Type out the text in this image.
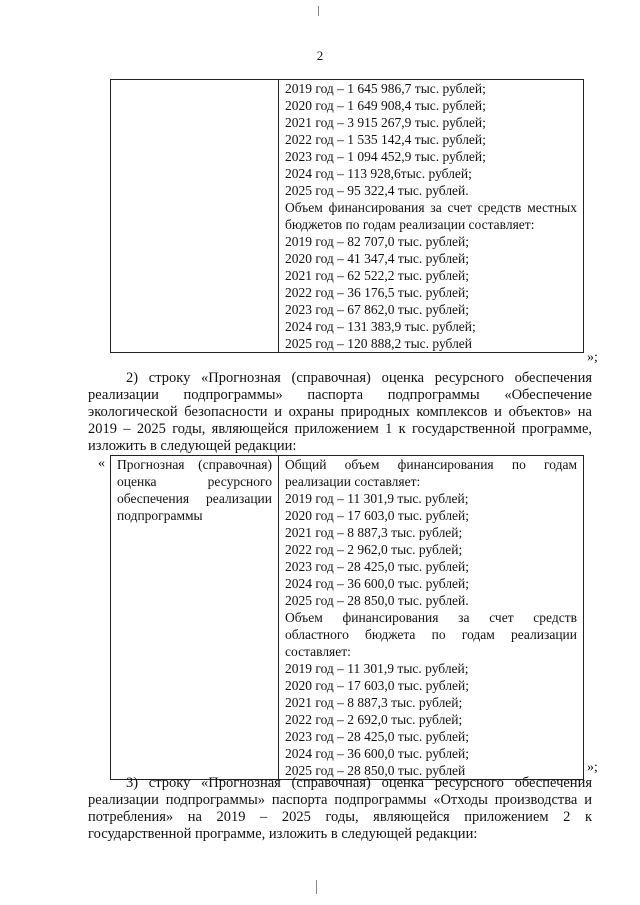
2

2019 год – 1 645 986,7 тыс. рублей;
2020 год – 1 649 908,4 тыс. рублей;
2021 год – 3 915 267,9 тыс. рублей;
2022 год – 1 535 142,4 тыс. рублей;
2023 год – 1 094 452,9 тыс. рублей;
2024 год – 113 928,6тыс. рублей;
2025 год – 95 322,4 тыс. рублей.
Объем финансирования за счет средств местных бюджетов по годам реализации составляет:
2019 год – 82 707,0 тыс. рублей;
2020 год – 41 347,4 тыс. рублей;
2021 год – 62 522,2 тыс. рублей;
2022 год – 36 176,5 тыс. рублей;
2023 год – 67 862,0 тыс. рублей;
2024 год – 131 383,9 тыс. рублей;
2025 год – 120 888,2 тыс. рублей
»;

2) строку «Прогнозная (справочная) оценка ресурсного обеспечения реализации подпрограммы» паспорта подпрограммы «Обеспечение экологической безопасности и охраны природных комплексов и объектов» на 2019 – 2025 годы, являющейся приложением 1 к государственной программе, изложить в следующей редакции:

« Прогнозная (справочная) оценка ресурсного обеспечения реализации подпрограммы

Общий объем финансирования по годам реализации составляет:
2019 год – 11 301,9 тыс. рублей;
2020 год – 17 603,0 тыс. рублей;
2021 год – 8 887,3 тыс. рублей;
2022 год – 2 962,0 тыс. рублей;
2023 год – 28 425,0 тыс. рублей;
2024 год – 36 600,0 тыс. рублей;
2025 год – 28 850,0 тыс. рублей.
Объем финансирования за счет средств областного бюджета по годам реализации составляет:
2019 год – 11 301,9 тыс. рублей;
2020 год – 17 603,0 тыс. рублей;
2021 год – 8 887,3 тыс. рублей;
2022 год – 2 692,0 тыс. рублей;
2023 год – 28 425,0 тыс. рублей;
2024 год – 36 600,0 тыс. рублей;
2025 год – 28 850,0 тыс. рублей	»;

3) строку «Прогнозная (справочная) оценка ресурсного обеспечения реализации подпрограммы» паспорта подпрограммы «Отходы производства и потребления» на 2019 – 2025 годы, являющейся приложением 2 к государственной программе, изложить в следующей редакции:
